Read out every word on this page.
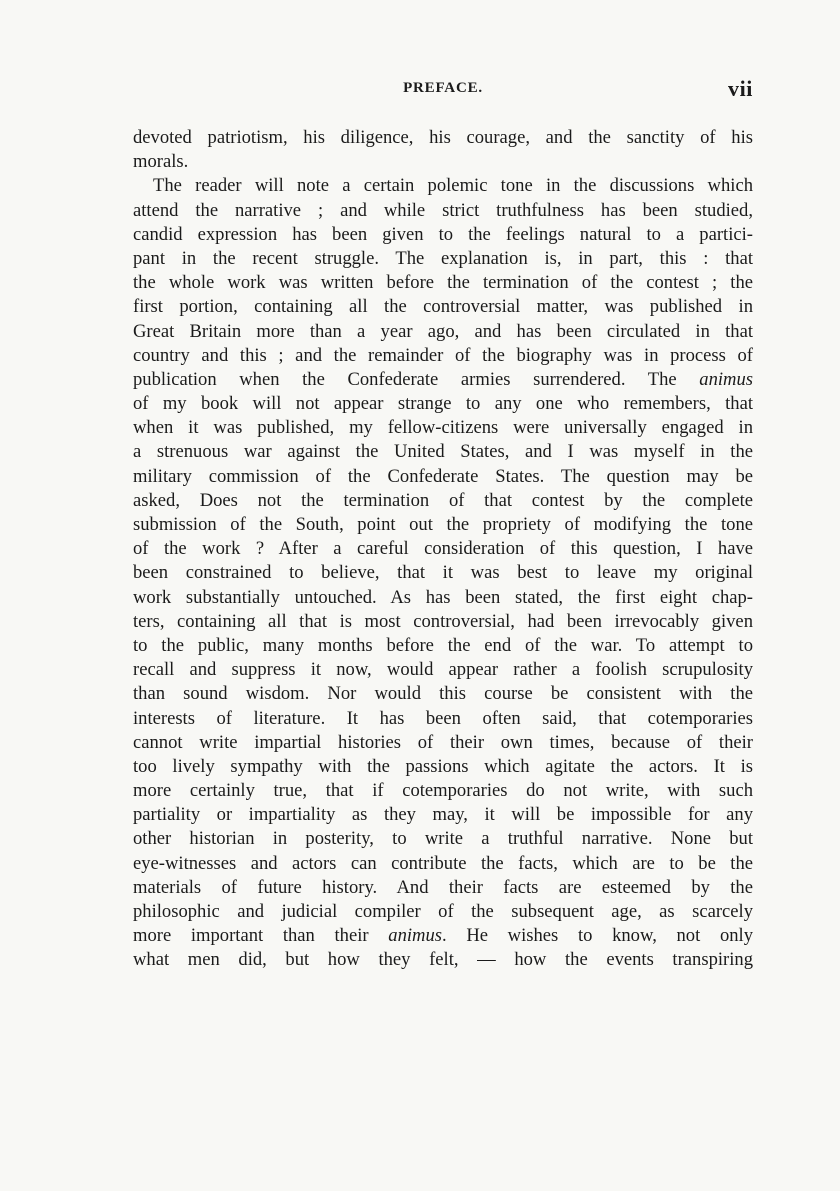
PREFACE.	vii
devoted patriotism, his diligence, his courage, and the sanctity of his
morals.
The reader will note a certain polemic tone in the discussions which
attend the narrative ; and while strict truthfulness has been studied,
candid expression has been given to the feelings natural to a partici-
pant in the recent struggle. The explanation is, in part, this : that
the whole work was written before the termination of the contest ; the
first portion, containing all the controversial matter, was published in
Great Britain more than a year ago, and has been circulated in that
country and this ; and the remainder of the biography was in process of
publication when the Confederate armies surrendered. The animus
of my book will not appear strange to any one who remembers, that
when it was published, my fellow-citizens were universally engaged in
a strenuous war against the United States, and I was myself in the
military commission of the Confederate States. The question may be
asked, Does not the termination of that contest by the complete
submission of the South, point out the propriety of modifying the tone
of the work ? After a careful consideration of this question, I have
been constrained to believe, that it was best to leave my original
work substantially untouched. As has been stated, the first eight chap-
ters, containing all that is most controversial, had been irrevocably given
to the public, many months before the end of the war. To attempt to
recall and suppress it now, would appear rather a foolish scrupulosity
than sound wisdom. Nor would this course be consistent with the
interests of literature. It has been often said, that cotemporaries
cannot write impartial histories of their own times, because of their
too lively sympathy with the passions which agitate the actors. It is
more certainly true, that if cotemporaries do not write, with such
partiality or impartiality as they may, it will be impossible for any
other historian in posterity, to write a truthful narrative. None but
eye-witnesses and actors can contribute the facts, which are to be the
materials of future history. And their facts are esteemed by the
philosophic and judicial compiler of the subsequent age, as scarcely
more important than their animus. He wishes to know, not only
what men did, but how they felt, — how the events transpiring
